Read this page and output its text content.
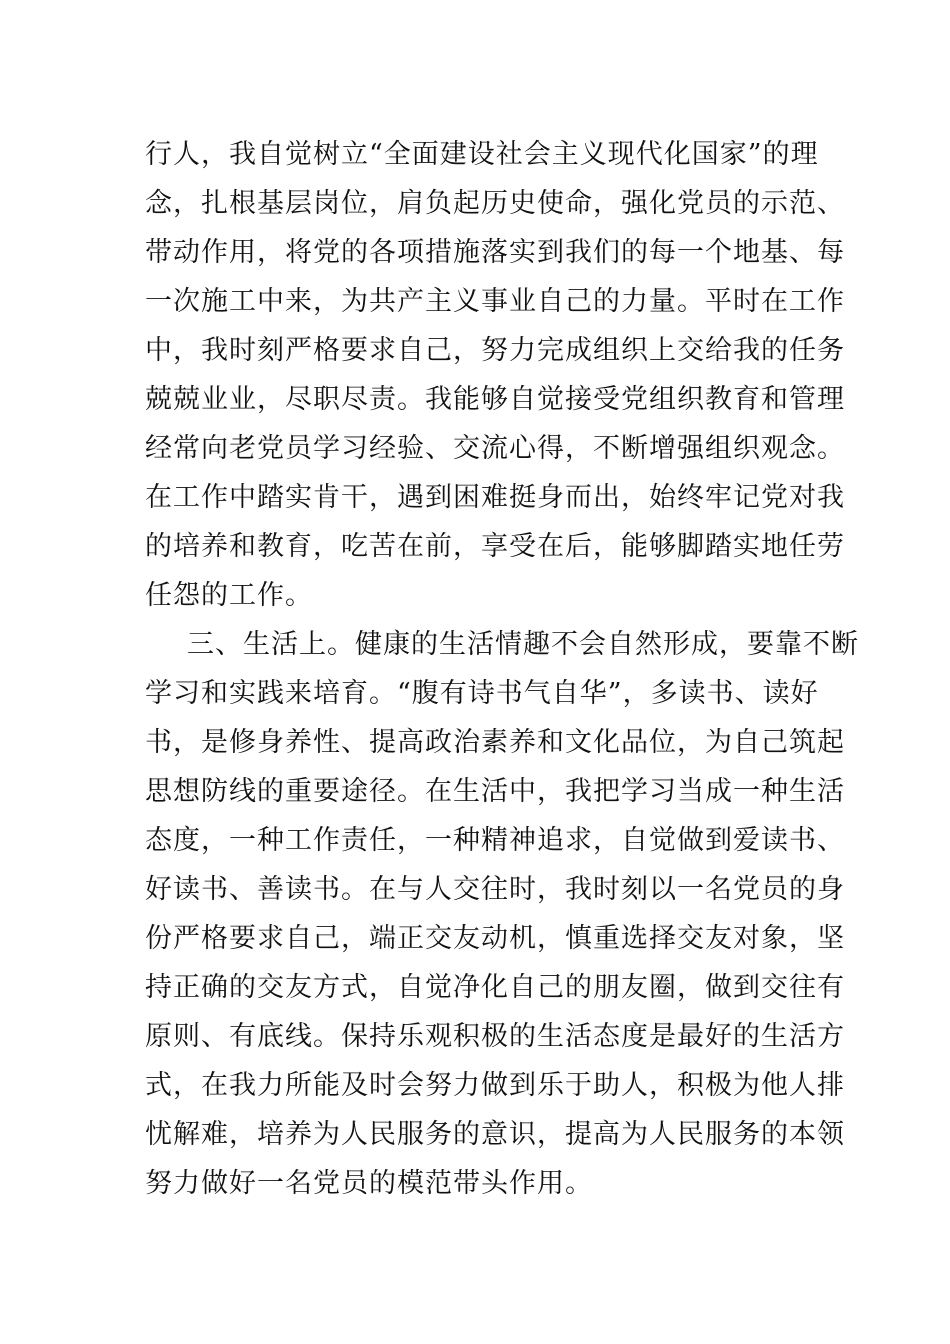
行人，我自觉树立“全面建设社会主义现代化国家”的理
念，扎根基层岗位，肩负起历史使命，强化党员的示范、
带动作用，将党的各项措施落实到我们的每一个地基、每
一次施工中来，为共产主义事业自己的力量。平时在工作
中，我时刻严格要求自己，努力完成组织上交给我的任务
兢兢业业，尽职尽责。我能够自觉接受党组织教育和管理
经常向老党员学习经验、交流心得，不断增强组织观念。
在工作中踏实肯干，遇到困难挺身而出，始终牢记党对我
的培养和教育，吃苦在前，享受在后，能够脚踏实地任劳
任怨的工作。
三、生活上。健康的生活情趣不会自然形成，要靠不断
学习和实践来培育。“腹有诗书气自华”，多读书、读好
书，是修身养性、提高政治素养和文化品位，为自己筑起
思想防线的重要途径。在生活中，我把学习当成一种生活
态度，一种工作责任，一种精神追求，自觉做到爱读书、
好读书、善读书。在与人交往时，我时刻以一名党员的身
份严格要求自己，端正交友动机，慎重选择交友对象，坚
持正确的交友方式，自觉净化自己的朋友圈，做到交往有
原则、有底线。保持乐观积极的生活态度是最好的生活方
式，在我力所能及时会努力做到乐于助人，积极为他人排
忧解难，培养为人民服务的意识，提高为人民服务的本领
努力做好一名党员的模范带头作用。
